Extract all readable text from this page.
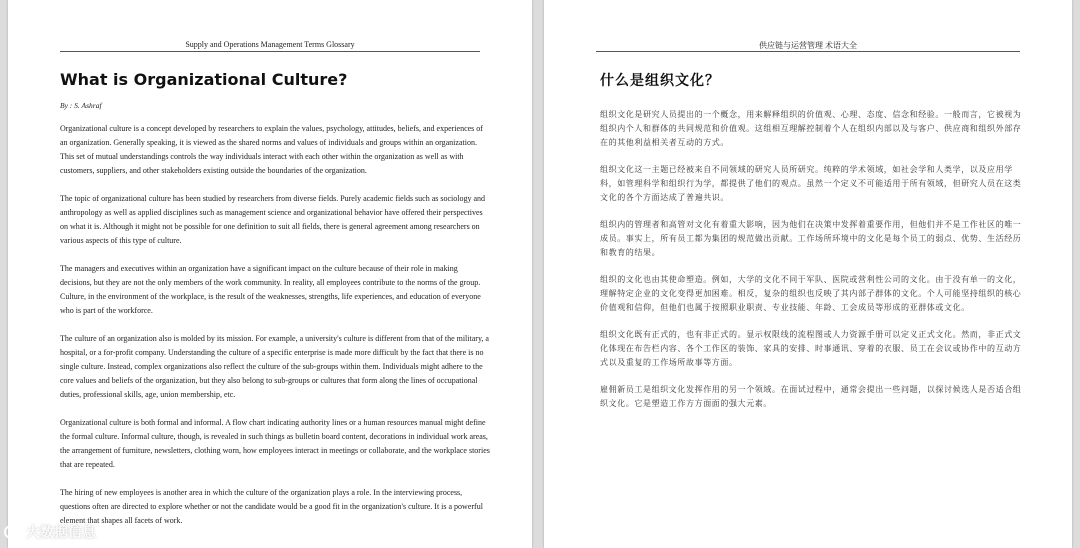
Supply and Operations Management Terms Glossary
What is Organizational Culture?
By : S. Ashraf

Organizational culture is a concept developed by researchers to explain the values, psychology, attitudes, beliefs, and experiences of an organization. Generally speaking, it is viewed as the shared norms and values of individuals and groups within an organization. This set of mutual understandings controls the way individuals interact with each other within the organization as well as with customers, suppliers, and other stakeholders existing outside the boundaries of the organization.

The topic of organizational culture has been studied by researchers from diverse fields. Purely academic fields such as sociology and anthropology as well as applied disciplines such as management science and organizational behavior have offered their perspectives on what it is. Although it might not be possible for one definition to suit all fields, there is general agreement among researchers on various aspects of this type of culture.

The managers and executives within an organization have a significant impact on the culture because of their role in making decisions, but they are not the only members of the work community. In reality, all employees contribute to the norms of the group. Culture, in the environment of the workplace, is the result of the weaknesses, strengths, life experiences, and education of everyone who is part of the workforce.

The culture of an organization also is molded by its mission. For example, a university's culture is different from that of the military, a hospital, or a for-profit company. Understanding the culture of a specific enterprise is made more difficult by the fact that there is no single culture. Instead, complex organizations also reflect the culture of the sub-groups within them. Individuals might adhere to the core values and beliefs of the organization, but they also belong to sub-groups or cultures that form along the lines of occupational duties, professional skills, age, union membership, etc.

Organizational culture is both formal and informal. A flow chart indicating authority lines or a human resources manual might define the formal culture. Informal culture, though, is revealed in such things as bulletin board content, decorations in individual work areas, the arrangement of furniture, newsletters, clothing worn, how employees interact in meetings or collaborate, and the workplace stories that are repeated.

The hiring of new employees is another area in which the culture of the organization plays a role. In the interviewing process, questions often are directed to explore whether or not the candidate would be a good fit in the organization's culture. It is a powerful element that shapes all facets of work.

供应链与运营管理 术语大全
什么是组织文化？

组织文化是研究人员提出的一个概念，用来解释组织的价值观、心理、态度、信念和经验。一般而言，它被视为组织内个人和群体的共同规范和价值观。这组相互理解控制着个人在组织内部以及与客户、供应商和组织外部存在的其他利益相关者互动的方式。

组织文化这一主题已经被来自不同领域的研究人员所研究。纯粹的学术领域，如社会学和人类学，以及应用学科，如管理科学和组织行为学，都提供了他们的观点。虽然一个定义不可能适用于所有领域，但研究人员在这类文化的各个方面达成了普遍共识。

组织内的管理者和高管对文化有着重大影响，因为他们在决策中发挥着重要作用，但他们并不是工作社区的唯一成员。事实上，所有员工都为集团的规范做出贡献。工作场所环境中的文化是每个员工的弱点、优势、生活经历和教育的结果。

组织的文化也由其使命塑造。例如，大学的文化不同于军队、医院或营利性公司的文化。由于没有单一的文化，理解特定企业的文化变得更加困难。相反，复杂的组织也反映了其内部子群体的文化。个人可能坚持组织的核心价值观和信仰，但他们也属于按照职业职责、专业技能、年龄、工会成员等形成的亚群体或文化。

组织文化既有正式的，也有非正式的。显示权限线的流程图或人力资源手册可以定义正式文化。然而，非正式文化体现在布告栏内容、各个工作区的装饰、家具的安排、时事通讯、穿着的衣服、员工在会议或协作中的互动方式以及重复的工作场所故事等方面。

雇佣新员工是组织文化发挥作用的另一个领域。在面试过程中，通常会提出一些问题，以探讨候选人是否适合组织文化。它是塑造工作方方面面的强大元素。

大数据信息
